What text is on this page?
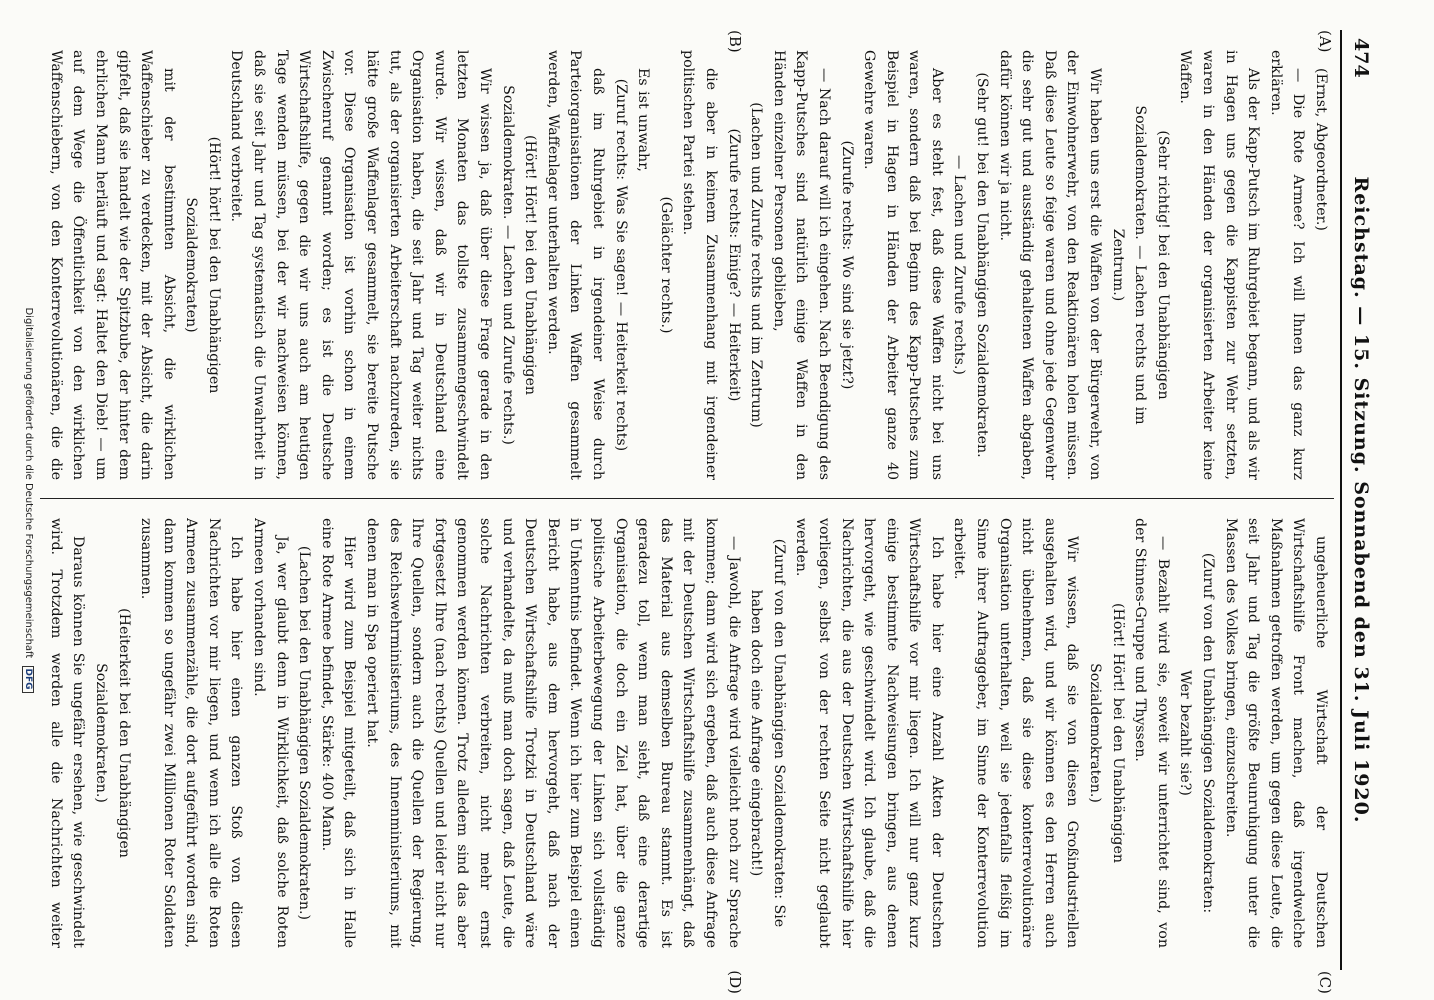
474
Reichstag. — 15. Sitzung. Sonnabend den 31. Juli 1920.
(A)
(B)
(C)
(D)

(Ernst, Abgeordneter.)

— Die Rote Armee? Ich will Ihnen das ganz kurz erklären.

Als der Kapp-Putsch im Ruhrgebiet begann, und als wir in Hagen uns gegen die Kappisten zur Wehr setzten, waren in den Händen der organisierten Arbeiter keine Waffen.

(Sehr richtig! bei den Unabhängigen Sozialdemokraten. — Lachen rechts und im Zentrum.)

Wir haben uns erst die Waffen von der Bürgerwehr, von der Einwohnerwehr, von den Reaktionären holen müssen. Daß diese Leute so feige waren und ohne jede Gegenwehr die sehr gut und ausständig gehaltenen Waffen abgaben, dafür können wir ja nicht.

(Sehr gut! bei den Unabhängigen Sozialdemokraten. — Lachen und Zurufe rechts.)

Aber es steht fest, daß diese Waffen nicht bei uns waren, sondern daß bei Beginn des Kapp-Putsches zum Beispiel in Hagen in Händen der Arbeiter ganze 40 Gewehre waren.

(Zurufe rechts: Wo sind sie jetzt?)

— Nach darauf will ich eingehen. Nach Beendigung des Kapp-Putsches sind natürlich einige Waffen in den Händen einzelner Personen geblieben,

(Lachen und Zurufe rechts und im Zentrum)

(Zurufe rechts: Einige? — Heiterkeit)

die aber in keinem Zusammenhang mit irgendeiner politischen Partei stehen.

(Gelächter rechts.)

Es ist unwahr,

(Zuruf rechts: Was Sie sagen! — Heiterkeit rechts)

daß im Ruhrgebiet in irgendeiner Weise durch Parteiorganisationen der Linken Waffen gesammelt werden, Waffenlager unterhalten werden.

(Hört! Hört! bei den Unabhängigen Sozialdemokraten. — Lachen und Zurufe rechts.)

Wir wissen ja, daß über diese Frage gerade in den letzten Monaten das tollste zusammengeschwindelt wurde. Wir wissen, daß wir in Deutschland eine Organisation haben, die seit Jahr und Tag weiter nichts tut, als der organisierten Arbeiterschaft nachzureden, sie hätte große Waffenlager gesammelt, sie bereite Putsche vor. Diese Organisation ist vorhin schon in einem Zwischenruf genannt worden; es ist die Deutsche Wirtschaftshilfe, gegen die wir uns auch am heutigen Tage wenden müssen, bei der wir nachweisen können, daß sie seit Jahr und Tag systematisch die Unwahrheit in Deutschland verbreitet.

(Hört! hört! bei den Unabhängigen Sozialdemokraten)

mit der bestimmten Absicht, die wirklichen Waffenschieber zu verdecken, mit der Absicht, die darin gipfelt, daß sie handelt wie der Spitzbube, der hinter dem ehrlichen Mann herläuft und sagt: Haltet den Dieb! — um auf dem Wege die Öffentlichkeit von den wirklichen Waffenschiebern, von den Konterrevolutionären, die die

ungeheuerliche Wirtschaft der Deutschen Wirtschaftshilfe Front machen, daß irgendwelche Maßnahmen getroffen werden, um gegen diese Leute, die seit Jahr und Tag die größte Beunruhigung unter die Massen des Volkes bringen, einzuschreiten.

(Zuruf von den Unabhängigen Sozialdemokraten: Wer bezahlt sie?)

— Bezahlt wird sie, soweit wir unterrichtet sind, von der Stinnes-Gruppe und Thyssen.

(Hört! Hört! bei den Unabhängigen Sozialdemokraten.)

Wir wissen, daß sie von diesen Großindustriellen ausgehalten wird, und wir können es den Herren auch nicht übelnehmen, daß sie diese konterrevolutionäre Organisation unterhalten, weil sie jedenfalls fleißig im Sinne ihrer Auftraggeber, im Sinne der Konterrevolution arbeitet.

Ich habe hier eine Anzahl Akten der Deutschen Wirtschaftshilfe vor mir liegen. Ich will nur ganz kurz einige bestimmte Nachweisungen bringen, aus denen hervorgeht, wie geschwindelt wird. Ich glaube, daß die Nachrichten, die aus der Deutschen Wirtschaftshilfe hier vorliegen, selbst von der rechten Seite nicht geglaubt werden.

(Zuruf von den Unabhängigen Sozialdemokraten: Sie haben doch eine Anfrage eingebracht!)

— Jawohl, die Anfrage wird vielleicht noch zur Sprache kommen; dann wird sich ergeben, daß auch diese Anfrage mit der Deutschen Wirtschaftshilfe zusammenhängt, daß das Material aus demselben Bureau stammt. Es ist geradezu toll, wenn man sieht, daß eine derartige Organisation, die doch ein Ziel hat, über die ganze politische Arbeiterbewegung der Linken sich vollständig in Unkenntnis befindet. Wenn ich hier zum Beispiel einen Bericht habe, aus dem hervorgeht, daß nach der Deutschen Wirtschaftshilfe Trotzki in Deutschland wäre und verhandelte, da muß man doch sagen, daß Leute, die solche Nachrichten verbreiten, nicht mehr ernst genommen werden können. Trotz alledem sind das aber fortgesetzt Ihre (nach rechts) Quellen und leider nicht nur Ihre Quellen, sondern auch die Quellen der Regierung, des Reichswehrministeriums, des Innenministeriums, mit denen man in Spa operiert hat.

Hier wird zum Beispiel mitgeteilt, daß sich in Halle eine Rote Armee befindet, Stärke: 400 Mann.

(Lachen bei den Unabhängigen Sozialdemokraten.)

Ja, wer glaubt denn in Wirklichkeit, daß solche Roten Armeen vorhanden sind.

Ich habe hier einen ganzen Stoß von diesen Nachrichten vor mir liegen, und wenn ich alle die Roten Armeen zusammenzähle, die dort aufgeführt worden sind, dann kommen so ungefähr zwei Millionen Roter Soldaten zusammen.

(Heiterkeit bei den Unabhängigen Sozialdemokraten.)

Daraus können Sie ungefähr ersehen, wie geschwindelt wird. Trotzdem werden alle die Nachrichten weiter

Digitalisierung gefördert durch die Deutsche Forschungsgemeinschaft DFG
